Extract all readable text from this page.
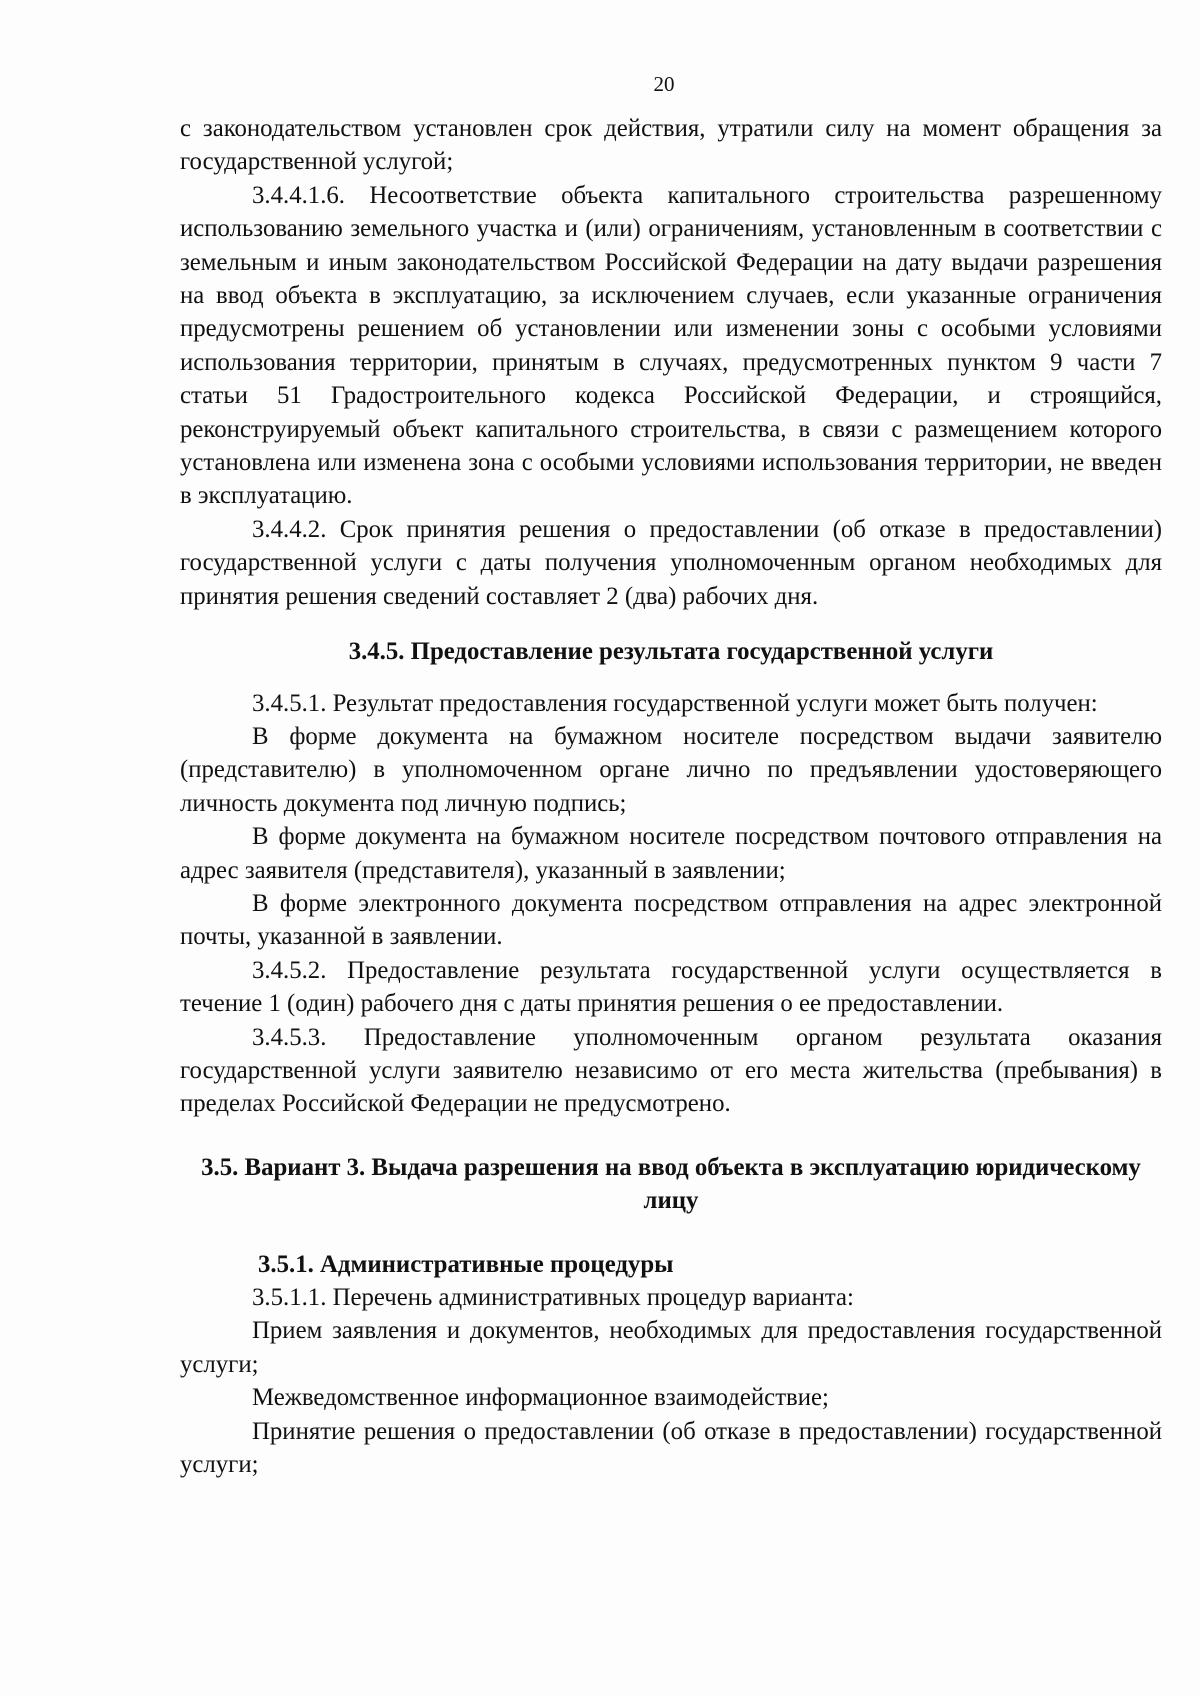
20

с законодательством установлен срок действия, утратили силу на момент обращения за государственной услугой;

3.4.4.1.6. Несоответствие объекта капитального строительства разрешенному использованию земельного участка и (или) ограничениям, установленным в соответствии с земельным и иным законодательством Российской Федерации на дату выдачи разрешения на ввод объекта в эксплуатацию, за исключением случаев, если указанные ограничения предусмотрены решением об установлении или изменении зоны с особыми условиями использования территории, принятым в случаях, предусмотренных пунктом 9 части 7 статьи 51 Градостроительного кодекса Российской Федерации, и строящийся, реконструируемый объект капитального строительства, в связи с размещением которого установлена или изменена зона с особыми условиями использования территории, не введен в эксплуатацию.

3.4.4.2. Срок принятия решения о предоставлении (об отказе в предоставлении) государственной услуги с даты получения уполномоченным органом необходимых для принятия решения сведений составляет 2 (два) рабочих дня.

3.4.5. Предоставление результата государственной услуги

3.4.5.1. Результат предоставления государственной услуги может быть получен:

В форме документа на бумажном носителе посредством выдачи заявителю (представителю) в уполномоченном органе лично по предъявлении удостоверяющего личность документа под личную подпись;

В форме документа на бумажном носителе посредством почтового отправления на адрес заявителя (представителя), указанный в заявлении;

В форме электронного документа посредством отправления на адрес электронной почты, указанной в заявлении.

3.4.5.2. Предоставление результата государственной услуги осуществляется в течение 1 (один) рабочего дня с даты принятия решения о ее предоставлении.

3.4.5.3. Предоставление уполномоченным органом результата оказания государственной услуги заявителю независимо от его места жительства (пребывания) в пределах Российской Федерации не предусмотрено.

3.5. Вариант 3. Выдача разрешения на ввод объекта в эксплуатацию юридическому лицу

3.5.1. Административные процедуры

3.5.1.1. Перечень административных процедур варианта:

Прием заявления и документов, необходимых для предоставления государственной услуги;

Межведомственное информационное взаимодействие;

Принятие решения о предоставлении (об отказе в предоставлении) государственной услуги;
